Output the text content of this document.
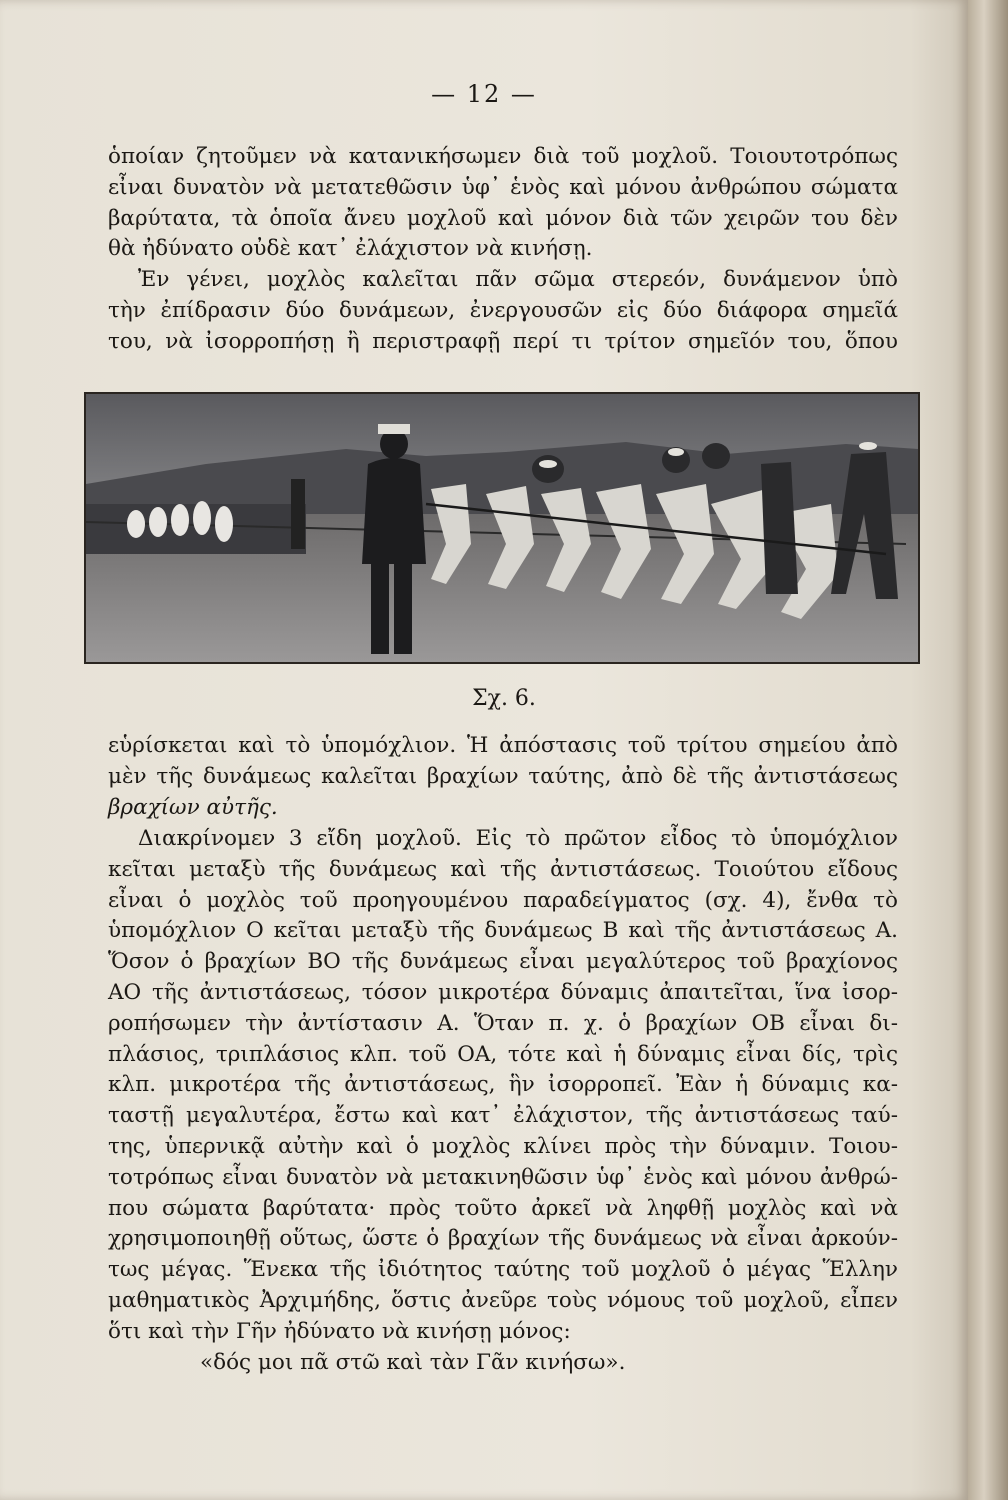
— 12 —
ὁποίαν ζητοῦμεν νὰ κατανικήσωμεν διὰ τοῦ μοχλοῦ. Τοιουτοτρόπως
εἶναι δυνατὸν νὰ μετατεθῶσιν ὑφ᾽ ἑνὸς καὶ μόνου ἀνθρώπου σώματα
βαρύτατα, τὰ ὁποῖα ἄνευ μοχλοῦ καὶ μόνον διὰ τῶν χειρῶν του δὲν
θὰ ἠδύνατο οὐδὲ κατ᾽ ἐλάχιστον νὰ κινήσῃ.
Ἐν γένει, μοχλὸς καλεῖται πᾶν σῶμα στερεόν, δυνάμενον ὑπὸ
τὴν ἐπίδρασιν δύο δυνάμεων, ἐνεργουσῶν εἰς δύο διάφορα σημεῖά
του, νὰ ἰσορροπήσῃ ἢ περιστραφῇ περί τι τρίτον σημεῖόν του, ὅπου
Σχ. 6.
εὑρίσκεται καὶ τὸ ὑπομόχλιον. Ἡ ἀπόστασις τοῦ τρίτου σημείου ἀπὸ
μὲν τῆς δυνάμεως καλεῖται βραχίων ταύτης, ἀπὸ δὲ τῆς ἀντιστάσεως
βραχίων αὐτῆς.
Διακρίνομεν 3 εἴδη μοχλοῦ. Εἰς τὸ πρῶτον εἶδος τὸ ὑπομόχλιον
κεῖται μεταξὺ τῆς δυνάμεως καὶ τῆς ἀντιστάσεως. Τοιούτου εἴδους
εἶναι ὁ μοχλὸς τοῦ προηγουμένου παραδείγματος (σχ. 4), ἔνθα τὸ
ὑπομόχλιον Ο κεῖται μεταξὺ τῆς δυνάμεως Β καὶ τῆς ἀντιστάσεως Α.
Ὅσον ὁ βραχίων ΒΟ τῆς δυνάμεως εἶναι μεγαλύτερος τοῦ βραχίονος
ΑΟ τῆς ἀντιστάσεως, τόσον μικροτέρα δύναμις ἀπαιτεῖται, ἵνα ἰσορ-
ροπήσωμεν τὴν ἀντίστασιν Α. Ὅταν π. χ. ὁ βραχίων ΟΒ εἶναι δι-
πλάσιος, τριπλάσιος κλπ. τοῦ ΟΑ, τότε καὶ ἡ δύναμις εἶναι δίς, τρὶς
κλπ. μικροτέρα τῆς ἀντιστάσεως, ἣν ἰσορροπεῖ. Ἐὰν ἡ δύναμις κα-
ταστῇ μεγαλυτέρα, ἔστω καὶ κατ᾽ ἐλάχιστον, τῆς ἀντιστάσεως ταύ-
της, ὑπερνικᾷ αὐτὴν καὶ ὁ μοχλὸς κλίνει πρὸς τὴν δύναμιν. Τοιου-
τοτρόπως εἶναι δυνατὸν νὰ μετακινηθῶσιν ὑφ᾽ ἑνὸς καὶ μόνου ἀνθρώ-
που σώματα βαρύτατα· πρὸς τοῦτο ἀρκεῖ νὰ ληφθῇ μοχλὸς καὶ νὰ
χρησιμοποιηθῇ οὕτως, ὥστε ὁ βραχίων τῆς δυνάμεως νὰ εἶναι ἀρκούν-
τως μέγας. Ἕνεκα τῆς ἰδιότητος ταύτης τοῦ μοχλοῦ ὁ μέγας Ἕλλην
μαθηματικὸς Ἀρχιμήδης, ὅστις ἀνεῦρε τοὺς νόμους τοῦ μοχλοῦ, εἶπεν
ὅτι καὶ τὴν Γῆν ἠδύνατο νὰ κινήσῃ μόνος:
«δός μοι πᾶ στῶ καὶ τὰν Γᾶν κινήσω».
